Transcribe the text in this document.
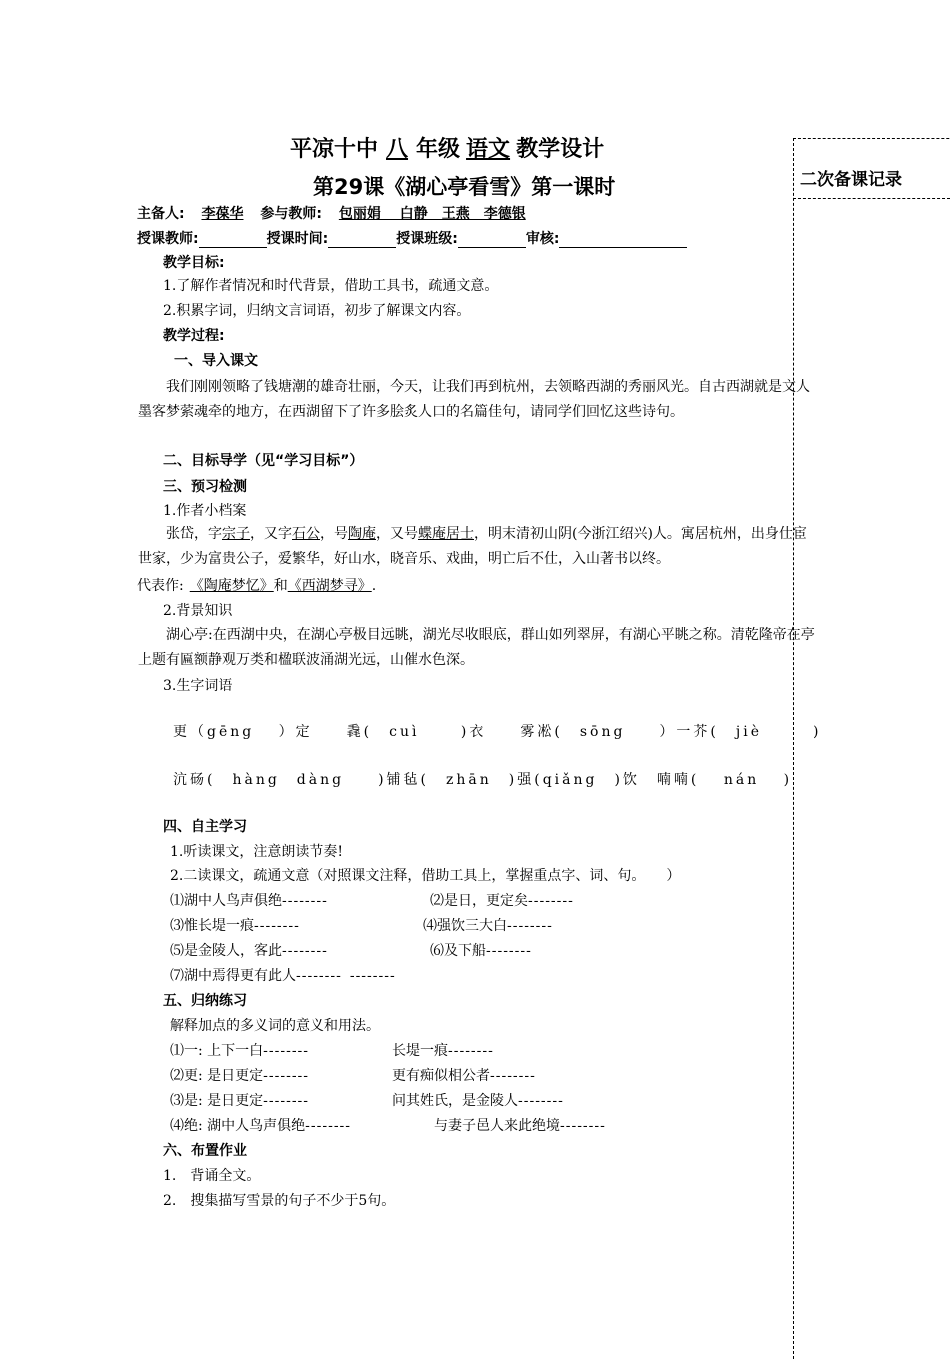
二次备课记录
平凉十中 八 年级 语文 教学设计
第29课《湖心亭看雪》第一课时
主备人: 李葆华 参与教师: 包丽娟　 白静　王燕　李德银
授课教师:	授课时间:	授课班级:	审核:
教学目标:
1.了解作者情况和时代背景，借助工具书，疏通文意。
2.积累字词，归纳文言词语，初步了解课文内容。
教学过程:
一、导入课文
我们刚刚领略了钱塘潮的雄奇壮丽，今天，让我们再到杭州，去领略西湖的秀丽风光。自古西湖就是文人墨客梦萦魂牵的地方，在西湖留下了许多脍炙人口的名篇佳句，请同学们回忆这些诗句。
二、目标导学（见“学习目标”）
三、预习检测
1.作者小档案
张岱，字宗子，又字石公，号陶庵，又号蝶庵居士，明末清初山阴(今浙江绍兴)人。寓居杭州，出身仕宦世家，少为富贵公子，爱繁华，好山水，晓音乐、戏曲，明亡后不仕，入山著书以终。
代表作: 《陶庵梦忆》和《西湖梦寻》.
2.背景知识
湖心亭:在西湖中央，在湖心亭极目远眺，湖光尽收眼底，群山如列翠屏，有湖心平眺之称。清乾隆帝在亭上题有匾额静观万类和楹联波涌湖光远，山催水色深。
3.生字词语
更（gēng　 ）定　　毳(　cuì　 　)衣　　雾凇(　sōng　　）一芥(　jiè　　　)
沆砀(　hàng　dàng　　)铺毡(　zhān　)强(qiǎng　)饮　喃喃(　 nán 　)
四、自主学习
1.听读课文，注意朗读节奏!
2.二读课文，疏通文意（对照课文注释，借助工具上，掌握重点字、词、句。　　）
⑴湖中人鸟声俱绝--------	⑵是日，更定矣--------
⑶惟长堤一痕--------	⑷强饮三大白--------
⑸是金陵人，客此--------	⑹及下船--------
⑺湖中焉得更有此人-------- --------
五、归纳练习
解释加点的多义词的意义和用法。
⑴一: 上下一白--------	长堤一痕--------
⑵更: 是日更定--------	更有痴似相公者--------
⑶是: 是日更定--------	问其姓氏，是金陵人--------
⑷绝: 湖中人鸟声俱绝--------	与妻子邑人来此绝境--------
六、布置作业
1.　背诵全文。
2.　搜集描写雪景的句子不少于5句。
